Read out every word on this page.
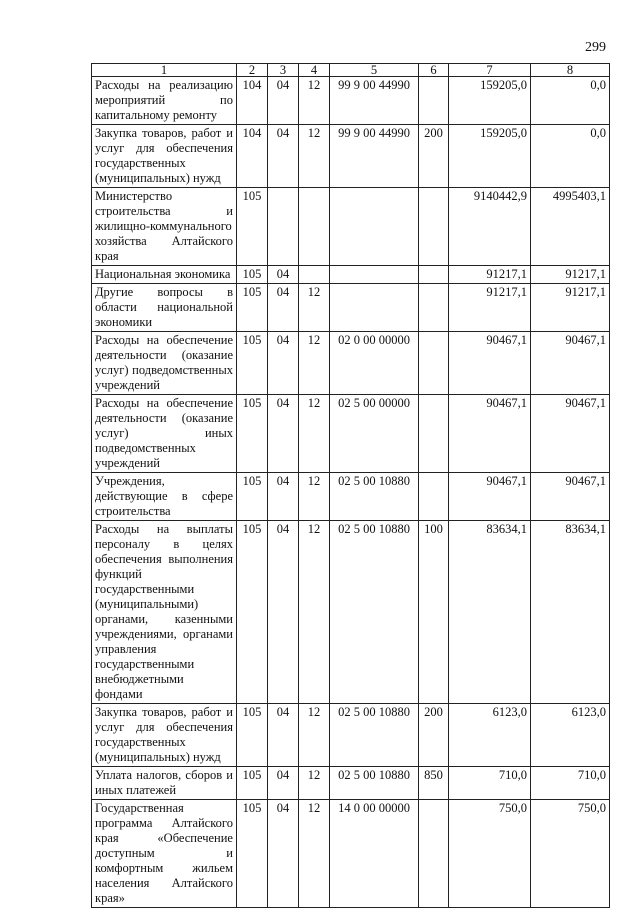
299
1	2	3	4	5	6	7	8
Расходы на реализацию мероприятий по капитальному ремонту	104	04	12	99 9 00 44990		159205,0	0,0
Закупка товаров, работ и услуг для обеспечения государственных (муниципальных) нужд	104	04	12	99 9 00 44990	200	159205,0	0,0
Министерство строительства и жилищно-коммунального хозяйства Алтайского края	105					9140442,9	4995403,1
Национальная экономика	105	04				91217,1	91217,1
Другие вопросы в области национальной экономики	105	04	12			91217,1	91217,1
Расходы на обеспечение деятельности (оказание услуг) подведомственных учреждений	105	04	12	02 0 00 00000		90467,1	90467,1
Расходы на обеспечение деятельности (оказание услуг) иных подведомственных учреждений	105	04	12	02 5 00 00000		90467,1	90467,1
Учреждения, действующие в сфере строительства	105	04	12	02 5 00 10880		90467,1	90467,1
Расходы на выплаты персоналу в целях обеспечения выполнения функций государственными (муниципальными) органами, казенными учреждениями, органами управления государственными внебюджетными фондами	105	04	12	02 5 00 10880	100	83634,1	83634,1
Закупка товаров, работ и услуг для обеспечения государственных (муниципальных) нужд	105	04	12	02 5 00 10880	200	6123,0	6123,0
Уплата налогов, сборов и иных платежей	105	04	12	02 5 00 10880	850	710,0	710,0
Государственная программа Алтайского края «Обеспечение доступным и комфортным жильем населения Алтайского края»	105	04	12	14 0 00 00000		750,0	750,0
